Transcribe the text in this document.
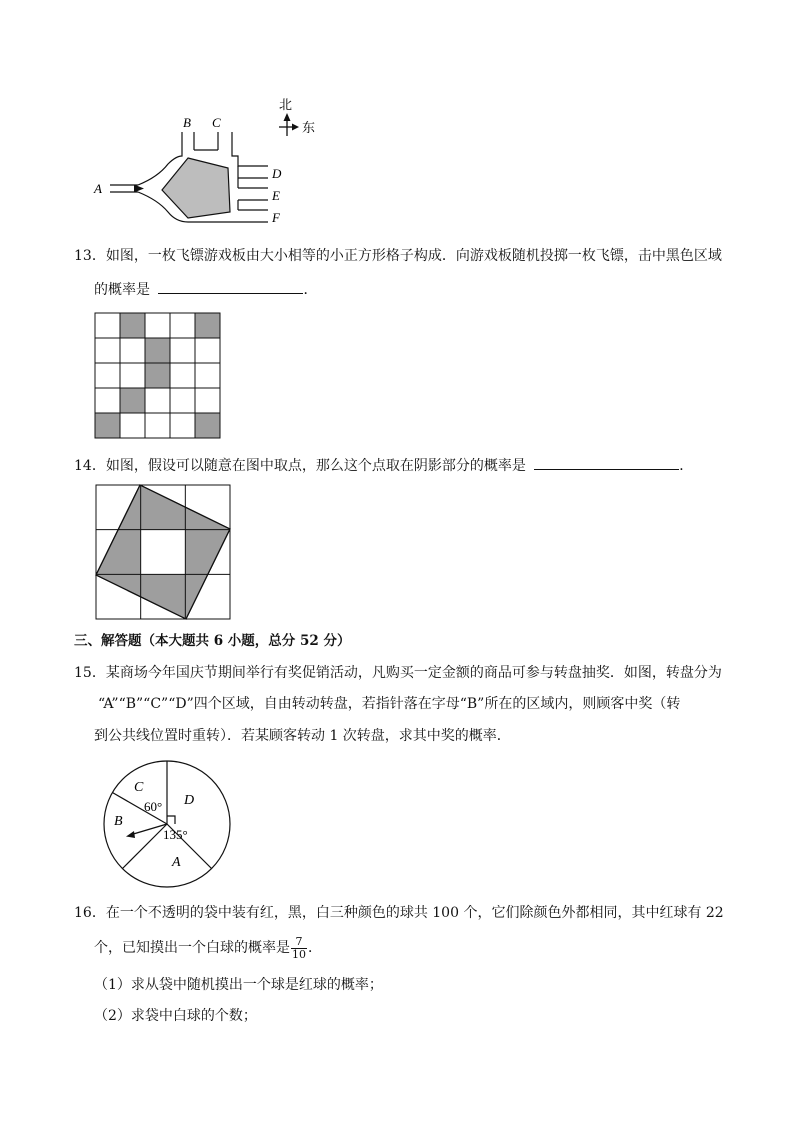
北
东
A
B C
D
E
F
13．如图，一枚飞镖游戏板由大小相等的小正方形格子构成．向游戏板随机投掷一枚飞镖，击中黑色区域
的概率是	．
14．如图，假设可以随意在图中取点，那么这个点取在阴影部分的概率是	．
三、解答题（本大题共 6 小题，总分 52 分）
15．某商场今年国庆节期间举行有奖促销活动，凡购买一定金额的商品可参与转盘抽奖．如图，转盘分为
“A”“B”“C”“D”四个区域，自由转动转盘，若指针落在字母“B”所在的区域内，则顾客中奖（转
到公共线位置时重转）．若某顾客转动 1 次转盘，求其中奖的概率．
C
D
B
A
60°
135°
16．在一个不透明的袋中装有红，黑，白三种颜色的球共 100 个，它们除颜色外都相同，其中红球有 22
个，已知摸出一个白球的概率是 $\frac{7}{10}$ ．
（1）求从袋中随机摸出一个球是红球的概率；
（2）求袋中白球的个数；
